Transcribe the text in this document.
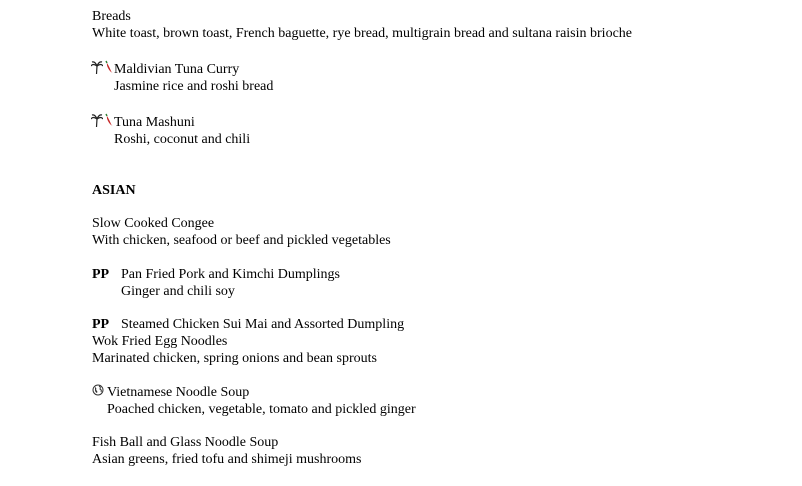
Breads
White toast, brown toast, French baguette, rye bread, multigrain bread and sultana raisin brioche
Maldivian Tuna Curry
Jasmine rice and roshi bread
Tuna Mashuni
Roshi, coconut and chili
ASIAN
Slow Cooked Congee
With chicken, seafood or beef and pickled vegetables
PP Pan Fried Pork and Kimchi Dumplings
Ginger and chili soy
PP Steamed Chicken Sui Mai and Assorted Dumpling
Wok Fried Egg Noodles
Marinated chicken, spring onions and bean sprouts
Vietnamese Noodle Soup
Poached chicken, vegetable, tomato and pickled ginger
Fish Ball and Glass Noodle Soup
Asian greens, fried tofu and shimeji mushrooms
